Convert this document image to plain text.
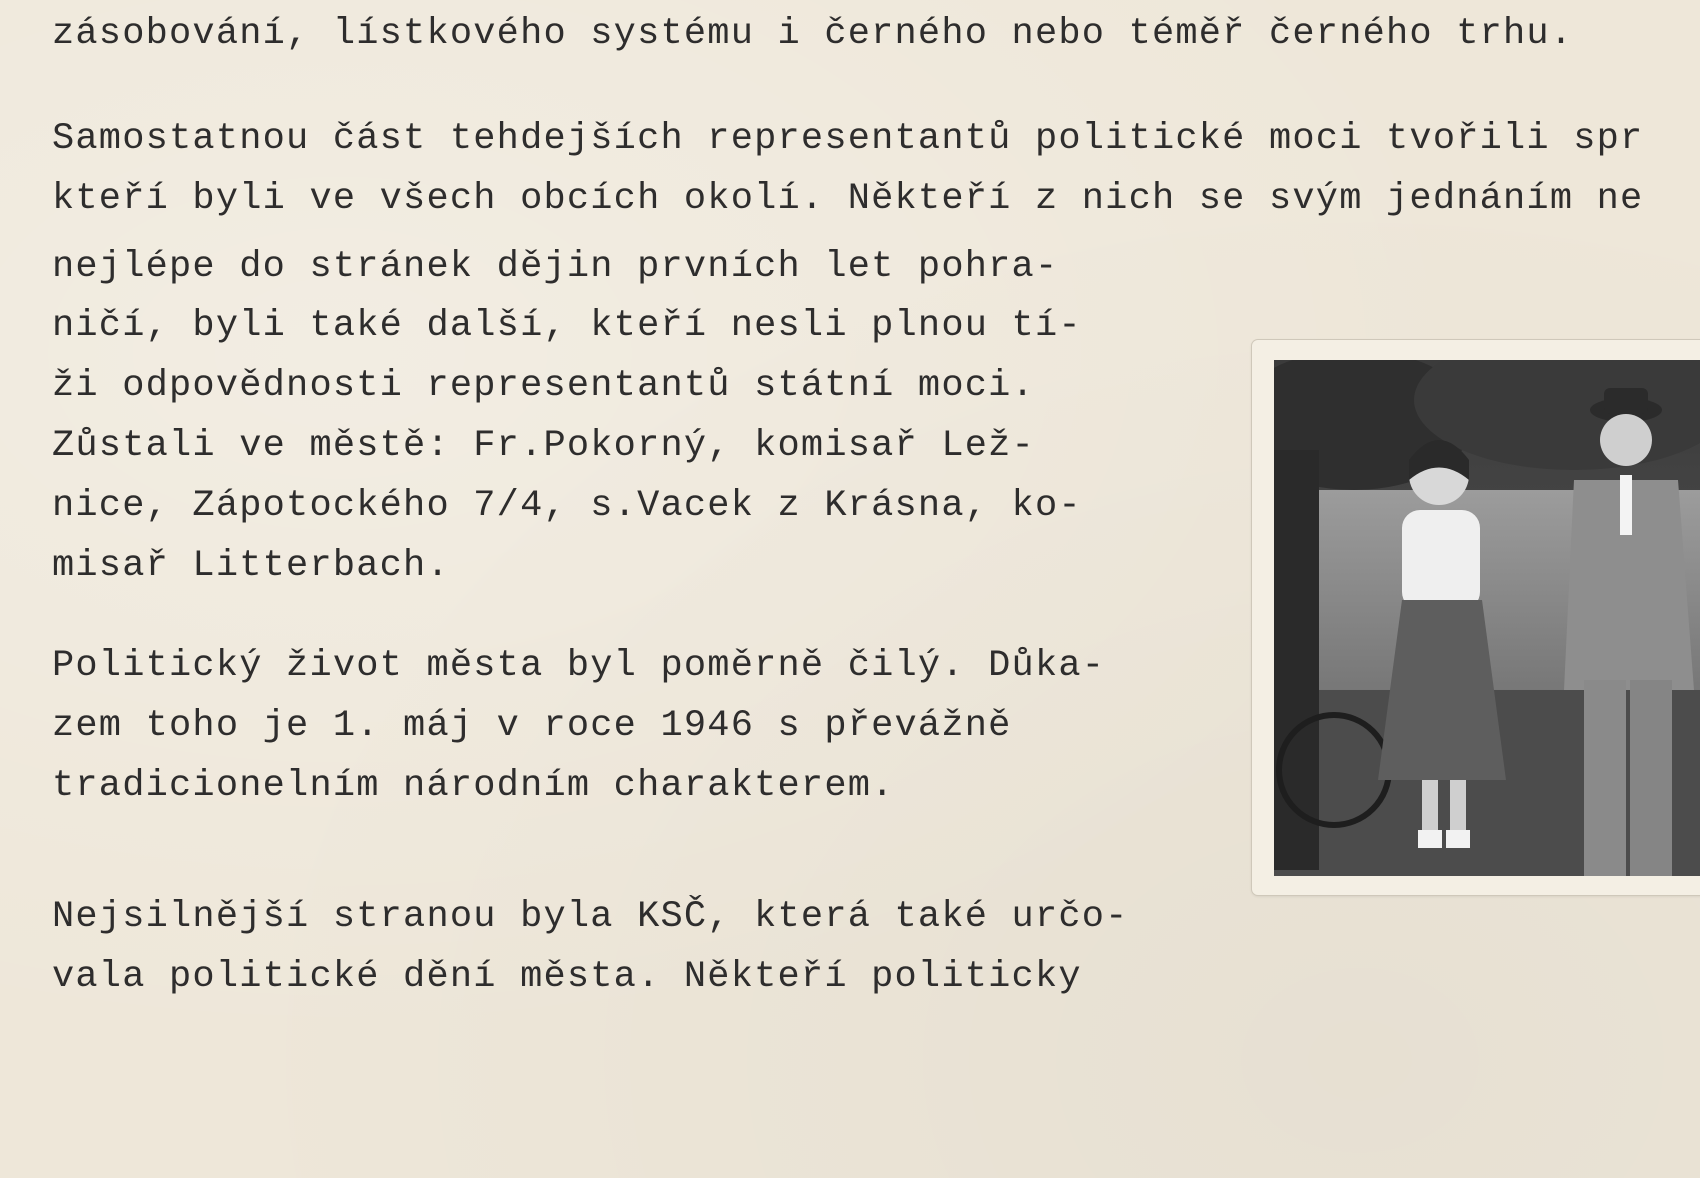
zásobování, lístkového systému i černého nebo téměř černého trhu.
Samostatnou část tehdejších representantů politické moci tvořili spr
kteří byli ve všech obcích okolí. Někteří z nich se svým jednáním ne
nejlépe do stránek dějin prvních let pohra-
ničí, byli také další, kteří nesli plnou tí-
ži odpovědnosti representantů státní moci.
Zůstali ve městě: Fr.Pokorný, komisař Lež-
nice, Zápotockého 7/4, s.Vacek z Krásna, ko-
misař Litterbach.
Politický život města byl poměrně čilý. Důka-
zem toho je 1. máj v roce 1946 s převážně
tradicionelním národním charakterem.
Nejsilnější stranou byla KSČ, která také určo-
vala politické dění města. Někteří politicky
